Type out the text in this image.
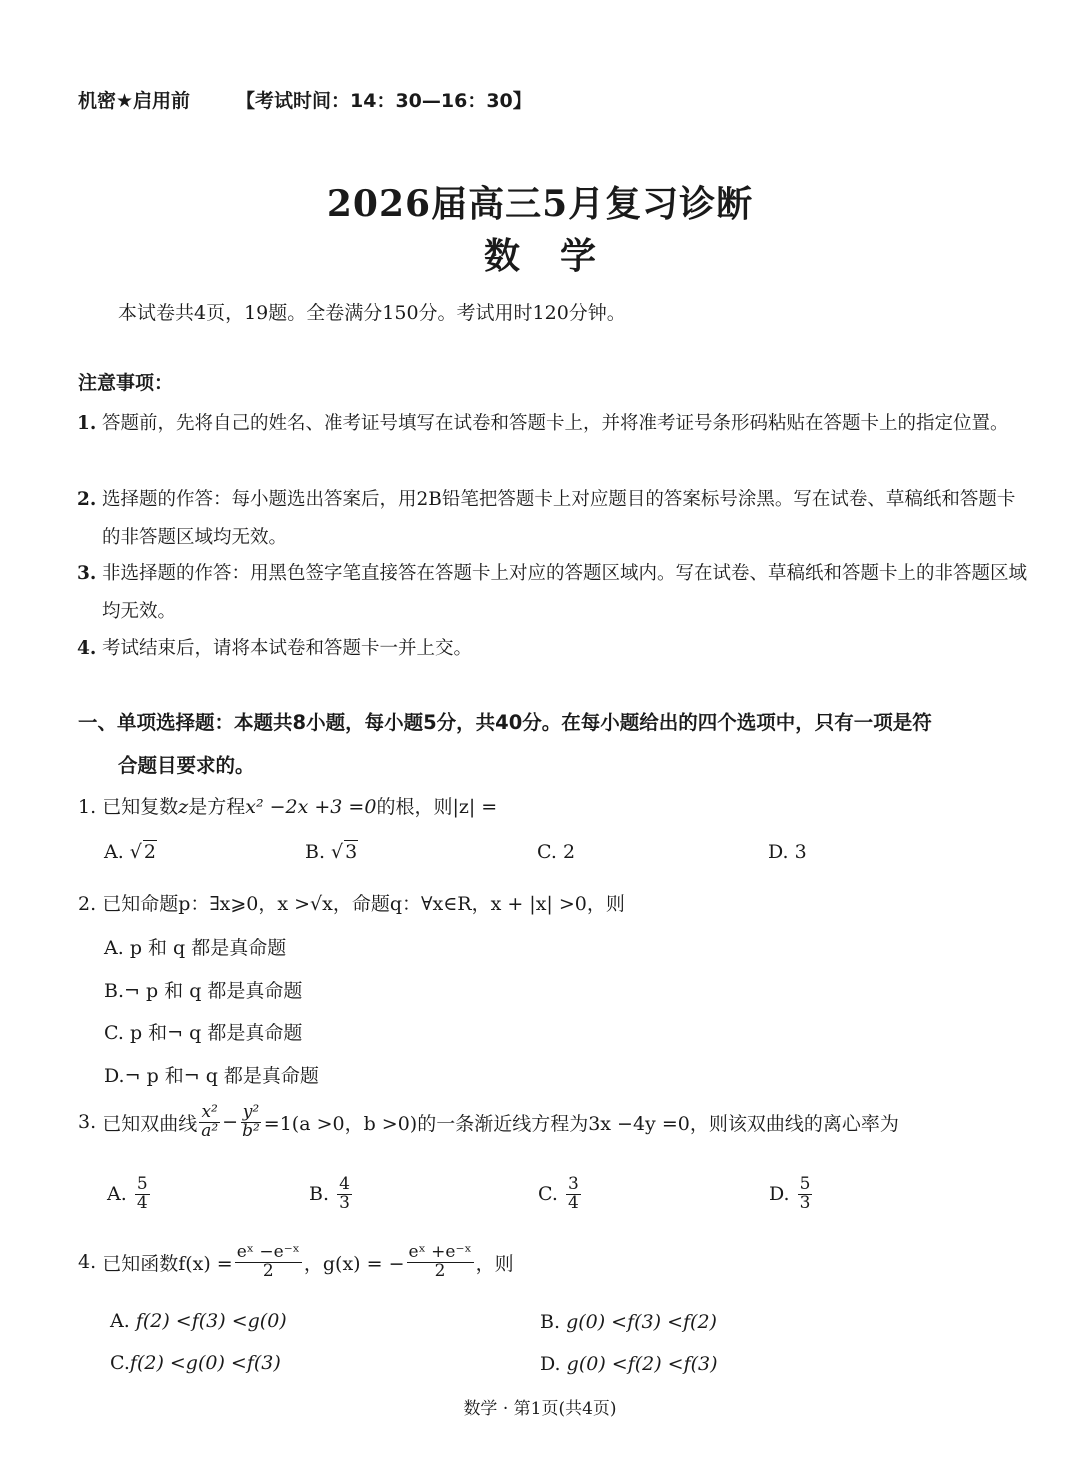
机密★启用前 【考试时间：14：30—16：30】
2026届高三5月复习诊断
数学
本试卷共4页，19题。全卷满分150分。考试用时120分钟。
注意事项：
1. 答题前，先将自己的姓名、准考证号填写在试卷和答题卡上，并将准考证号条形码粘贴在答题卡上的指定位置。
2. 选择题的作答：每小题选出答案后，用2B铅笔把答题卡上对应题目的答案标号涂黑。写在试卷、草稿纸和答题卡的非答题区域均无效。
3. 非选择题的作答：用黑色签字笔直接答在答题卡上对应的答题区域内。写在试卷、草稿纸和答题卡上的非答题区域均无效。
4. 考试结束后，请将本试卷和答题卡一并上交。
一、单项选择题：本题共8小题，每小题5分，共40分。在每小题给出的四个选项中，只有一项是符
合题目要求的。
1. 已知复数z是方程x² −2x +3 =0的根，则|z| =
A. √ 2	B. √ 3	C. 2	D. 3
2. 已知命题p：∃x⩾0，x >√x，命题q：∀x∈R，x + |x| >0，则
A. p 和 q 都是真命题
B.¬ p 和 q 都是真命题
C. p 和¬ q 都是真命题
D.¬ p 和¬ q 都是真命题
3.
已知双曲线 $\frac{\text{x²}}{\text{a²}} - \frac{\text{y²}}{\text{b²}} =1(a >0$，b >0)的一条渐近线方程为3x −4y =0，则该双曲线的离心率为
A.
$\frac{5}{4}$	B.
$\frac{4}{3}$	C.
$\frac{3}{4}$	D.
$\frac{5}{3}$
4.
已知函数$f(x) = \frac{\text{eˣ −e⁻ˣ}}{2}$ ，g(x) = − $\frac{\text{eˣ +e⁻ˣ}}{2}$ ，则
A. f(2) <f(3) <g(0)	B. g(0) <f(3) <f(2)
C.f(2) <g(0) <f(3)	D. g(0) <f(2) <f(3)
数学 · 第1页(共4页)
